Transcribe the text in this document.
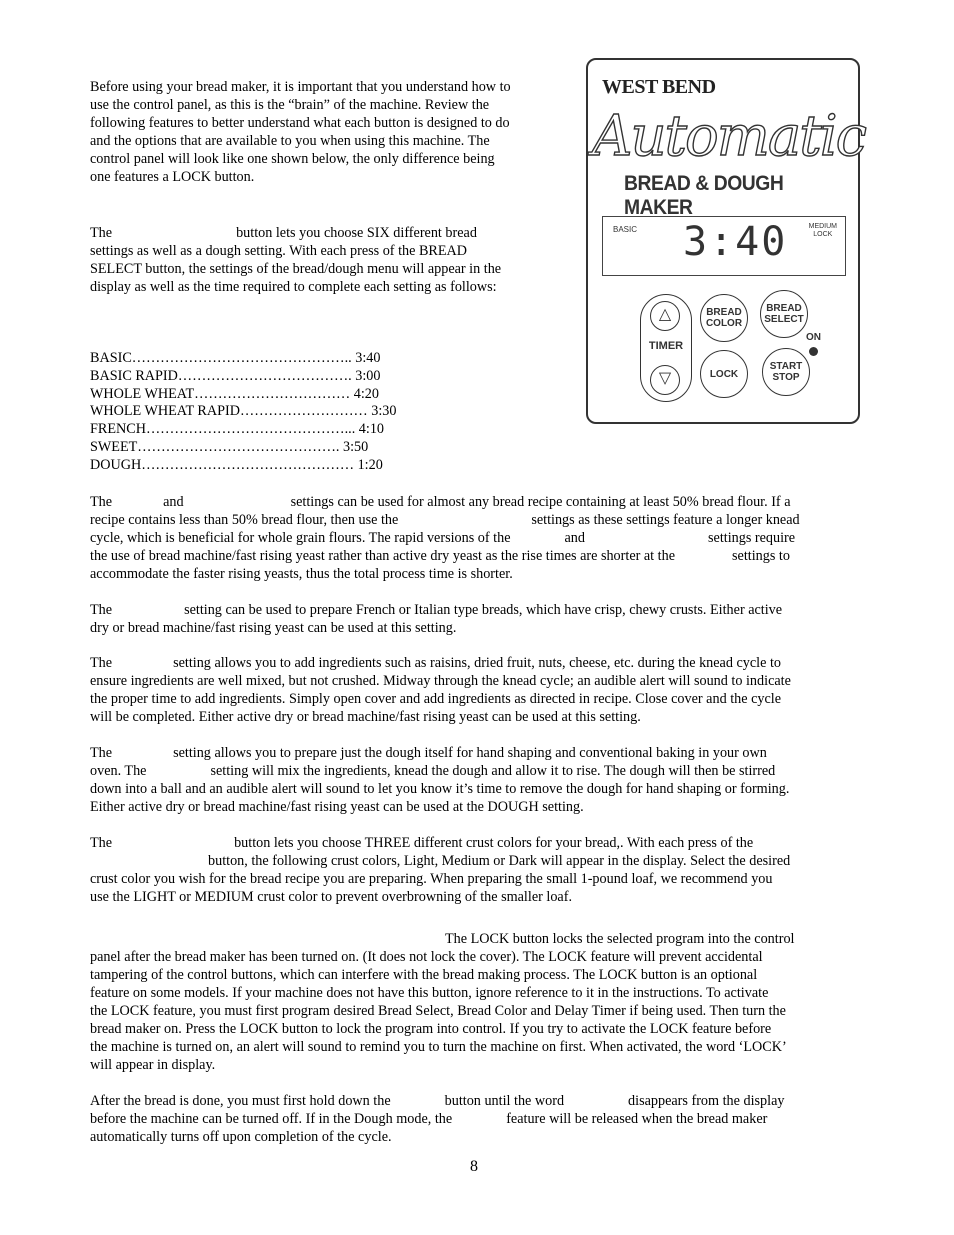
Before using your bread maker, it is important that you understand how to
use the control panel, as this is the “brain” of the machine. Review the
following features to better understand what each button is designed to do
and the options that are available to you when using this machine. The
control panel will look like one shown below, the only difference being
one features a LOCK button.
The	button lets you choose SIX different bread
settings as well as a dough setting. With each press of the BREAD
SELECT button, the settings of the bread/dough menu will appear in the
display as well as the time required to complete each setting as follows:
BASIC……………………………………….. 3:40
BASIC RAPID………………………………. 3:00
WHOLE WHEAT…………………………… 4:20
WHOLE WHEAT RAPID……………………… 3:30
FRENCH……………………………………... 4:10
SWEET……………………………………. 3:50
DOUGH……………………………………… 1:20
The	and	settings can be used for almost any bread recipe containing at least 50% bread flour. If a
recipe contains less than 50% bread flour, then use the	settings as these settings feature a longer knead
cycle, which is beneficial for whole grain flours. The rapid versions of the	and	settings require
the use of bread machine/fast rising yeast rather than active dry yeast as the rise times are shorter at the	settings to
accommodate the faster rising yeasts, thus the total process time is shorter.
The	setting can be used to prepare French or Italian type breads, which have crisp, chewy crusts. Either active
dry or bread machine/fast rising yeast can be used at this setting.
The	setting allows you to add ingredients such as raisins, dried fruit, nuts, cheese, etc. during the knead cycle to
ensure ingredients are well mixed, but not crushed. Midway through the knead cycle; an audible alert will sound to indicate
the proper time to add ingredients. Simply open cover and add ingredients as directed in recipe. Close cover and the cycle
will be completed. Either active dry or bread machine/fast rising yeast can be used at this setting.
The	setting allows you to prepare just the dough itself for hand shaping and conventional baking in your own
oven. The	setting will mix the ingredients, knead the dough and allow it to rise. The dough will then be stirred
down into a ball and an audible alert will sound to let you know it’s time to remove the dough for hand shaping or forming.
Either active dry or bread machine/fast rising yeast can be used at the DOUGH setting.
The	button lets you choose THREE different crust colors for your bread,. With each press of the
button, the following crust colors, Light, Medium or Dark will appear in the display. Select the desired
crust color you wish for the bread recipe you are preparing. When preparing the small 1-pound loaf, we recommend you
use the LIGHT or MEDIUM crust color to prevent overbrowning of the smaller loaf.
The LOCK button locks the selected program into the control
panel after the bread maker has been turned on. (It does not lock the cover). The LOCK feature will prevent accidental
tampering of the control buttons, which can interfere with the bread making process. The LOCK button is an optional
feature on some models. If your machine does not have this button, ignore reference to it in the instructions. To activate
the LOCK feature, you must first program desired Bread Select, Bread Color and Delay Timer if being used. Then turn the
bread maker on. Press the LOCK button to lock the program into control. If you try to activate the LOCK feature before
the machine is turned on, an alert will sound to remind you to turn the machine on first. When activated, the word ‘LOCK’
will appear in display.
After the bread is done, you must first hold down the	button until the word	disappears from the display
before the machine can be turned off. If in the Dough mode, the	feature will be released when the bread maker
automatically turns off upon completion of the cycle.
8
WEST BEND
Automatic
BREAD & DOUGH MAKER
BASIC 3:40	MEDIUM
LOCK
△
TIMER
▽
BREAD
COLOR
BREAD
SELECT
ON
LOCK
START
STOP
